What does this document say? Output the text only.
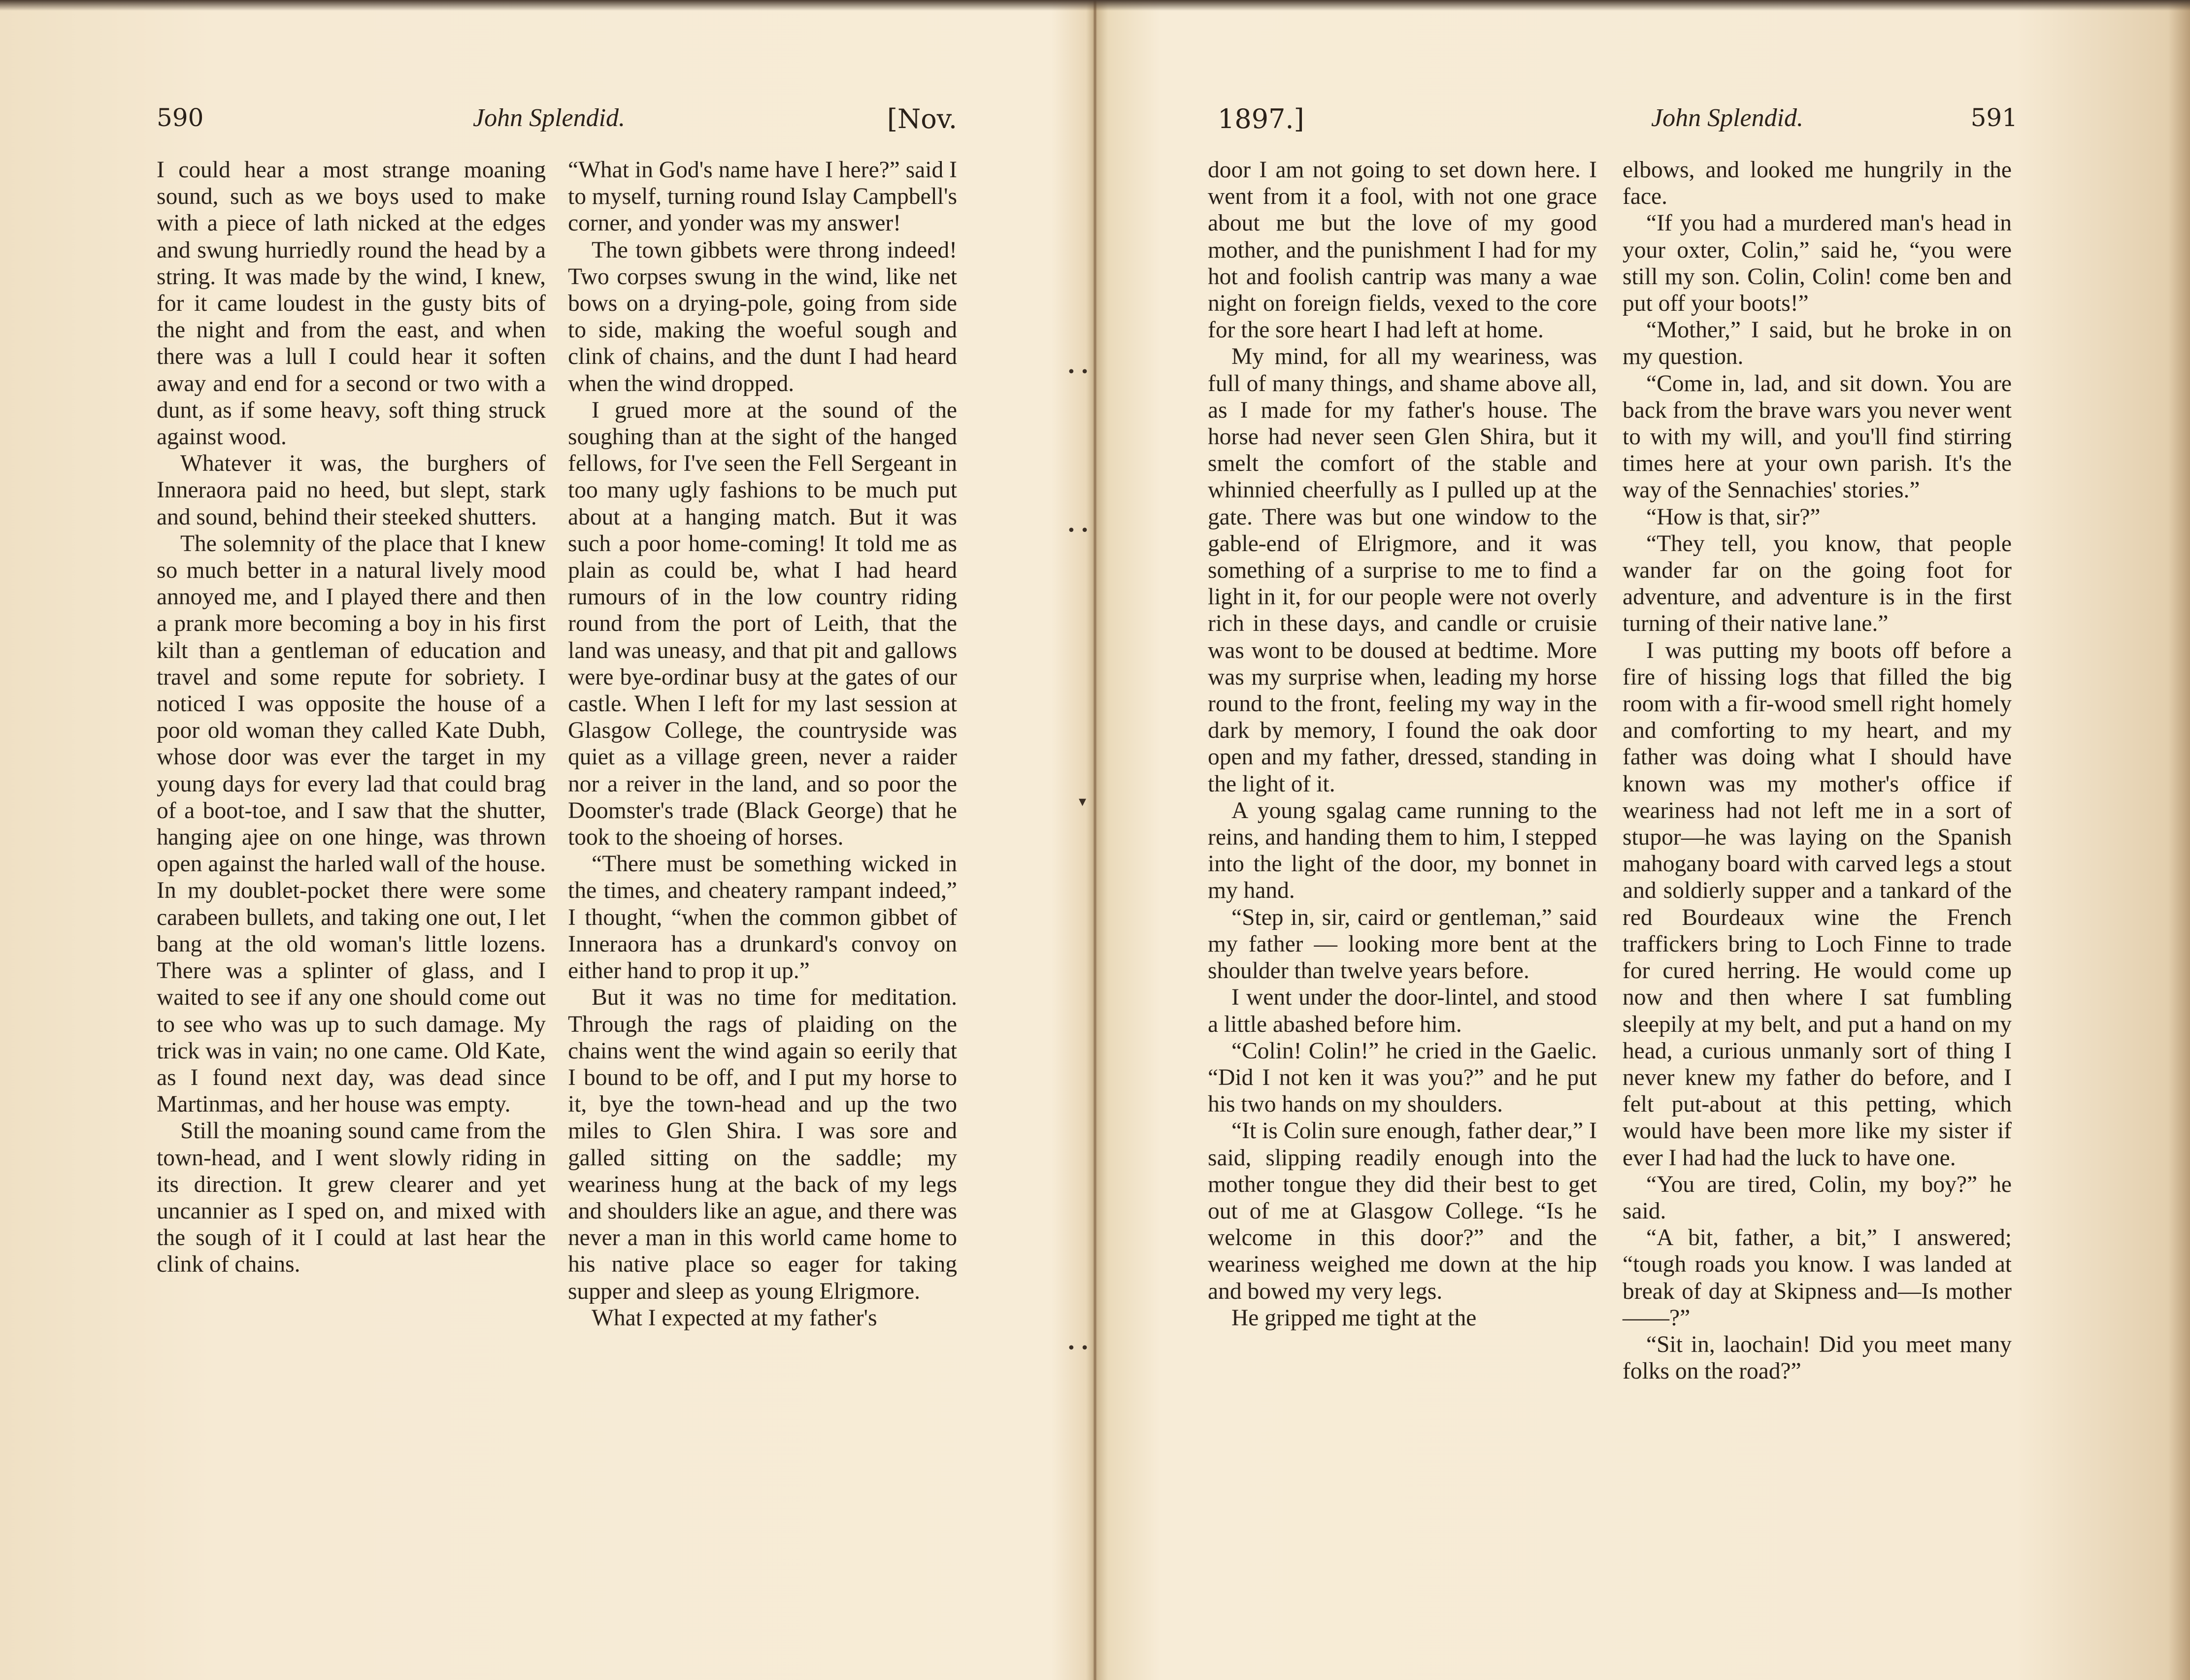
590	John Splendid.	[Nov.

I could hear a most strange moaning sound, such as we boys used to make with a piece of lath nicked at the edges and swung hurriedly round the head by a string. It was made by the wind, I knew, for it came loudest in the gusty bits of the night and from the east, and when there was a lull I could hear it soften away and end for a second or two with a dunt, as if some heavy, soft thing struck against wood.

Whatever it was, the burghers of Inneraora paid no heed, but slept, stark and sound, behind their steeked shutters.

The solemnity of the place that I knew so much better in a natural lively mood annoyed me, and I played there and then a prank more becoming a boy in his first kilt than a gentleman of education and travel and some repute for sobriety. I noticed I was opposite the house of a poor old woman they called Kate Dubh, whose door was ever the target in my young days for every lad that could brag of a boot-toe, and I saw that the shutter, hanging ajee on one hinge, was thrown open against the harled wall of the house. In my doublet-pocket there were some carabeen bullets, and taking one out, I let bang at the old woman's little lozens. There was a splinter of glass, and I waited to see if any one should come out to see who was up to such damage. My trick was in vain; no one came. Old Kate, as I found next day, was dead since Martinmas, and her house was empty.

Still the moaning sound came from the town-head, and I went slowly riding in its direction. It grew clearer and yet uncannier as I sped on, and mixed with the sough of it I could at last hear the clink of chains.

“What in God's name have I here?” said I to myself, turning round Islay Campbell's corner, and yonder was my answer!

The town gibbets were throng indeed! Two corpses swung in the wind, like net bows on a drying-pole, going from side to side, making the woeful sough and clink of chains, and the dunt I had heard when the wind dropped.

I grued more at the sound of the soughing than at the sight of the hanged fellows, for I've seen the Fell Sergeant in too many ugly fashions to be much put about at a hanging match. But it was such a poor home-coming! It told me as plain as could be, what I had heard rumours of in the low country riding round from the port of Leith, that the land was uneasy, and that pit and gallows were bye-ordinar busy at the gates of our castle. When I left for my last session at Glasgow College, the countryside was quiet as a village green, never a raider nor a reiver in the land, and so poor the Doomster's trade (Black George) that he took to the shoeing of horses.

“There must be something wicked in the times, and cheatery rampant indeed,” I thought, “when the common gibbet of Inneraora has a drunkard's convoy on either hand to prop it up.”

But it was no time for meditation. Through the rags of plaiding on the chains went the wind again so eerily that I bound to be off, and I put my horse to it, bye the town-head and up the two miles to Glen Shira. I was sore and galled sitting on the saddle; my weariness hung at the back of my legs and shoulders like an ague, and there was never a man in this world came home to his native place so eager for taking supper and sleep as young Elrigmore.

What I expected at my father's

1897.]	John Splendid.	591

door I am not going to set down here. I went from it a fool, with not one grace about me but the love of my good mother, and the punishment I had for my hot and foolish cantrip was many a wae night on foreign fields, vexed to the core for the sore heart I had left at home.

My mind, for all my weariness, was full of many things, and shame above all, as I made for my father's house. The horse had never seen Glen Shira, but it smelt the comfort of the stable and whinnied cheerfully as I pulled up at the gate. There was but one window to the gable-end of Elrigmore, and it was something of a surprise to me to find a light in it, for our people were not overly rich in these days, and candle or cruisie was wont to be doused at bedtime. More was my surprise when, leading my horse round to the front, feeling my way in the dark by memory, I found the oak door open and my father, dressed, standing in the light of it.

A young sgalag came running to the reins, and handing them to him, I stepped into the light of the door, my bonnet in my hand.

“Step in, sir, caird or gentleman,” said my father — looking more bent at the shoulder than twelve years before.

I went under the door-lintel, and stood a little abashed before him.

“Colin! Colin!” he cried in the Gaelic. “Did I not ken it was you?” and he put his two hands on my shoulders.

“It is Colin sure enough, father dear,” I said, slipping readily enough into the mother tongue they did their best to get out of me at Glasgow College. “Is he welcome in this door?” and the weariness weighed me down at the hip and bowed my very legs.

He gripped me tight at the

elbows, and looked me hungrily in the face.

“If you had a murdered man's head in your oxter, Colin,” said he, “you were still my son. Colin, Colin! come ben and put off your boots!”

“Mother,” I said, but he broke in on my question.

“Come in, lad, and sit down. You are back from the brave wars you never went to with my will, and you'll find stirring times here at your own parish. It's the way of the Sennachies' stories.”

“How is that, sir?”

“They tell, you know, that people wander far on the going foot for adventure, and adventure is in the first turning of their native lane.”

I was putting my boots off before a fire of hissing logs that filled the big room with a fir-wood smell right homely and comforting to my heart, and my father was doing what I should have known was my mother's office if weariness had not left me in a sort of stupor—he was laying on the Spanish mahogany board with carved legs a stout and soldierly supper and a tankard of the red Bourdeaux wine the French traffickers bring to Loch Finne to trade for cured herring. He would come up now and then where I sat fumbling sleepily at my belt, and put a hand on my head, a curious unmanly sort of thing I never knew my father do before, and I felt put-about at this petting, which would have been more like my sister if ever I had had the luck to have one.

“You are tired, Colin, my boy?” he said.

“A bit, father, a bit,” I answered; “tough roads you know. I was landed at break of day at Skipness and—Is mother——?”

“Sit in, laochain! Did you meet many folks on the road?”

• •
• •
▾
• •
